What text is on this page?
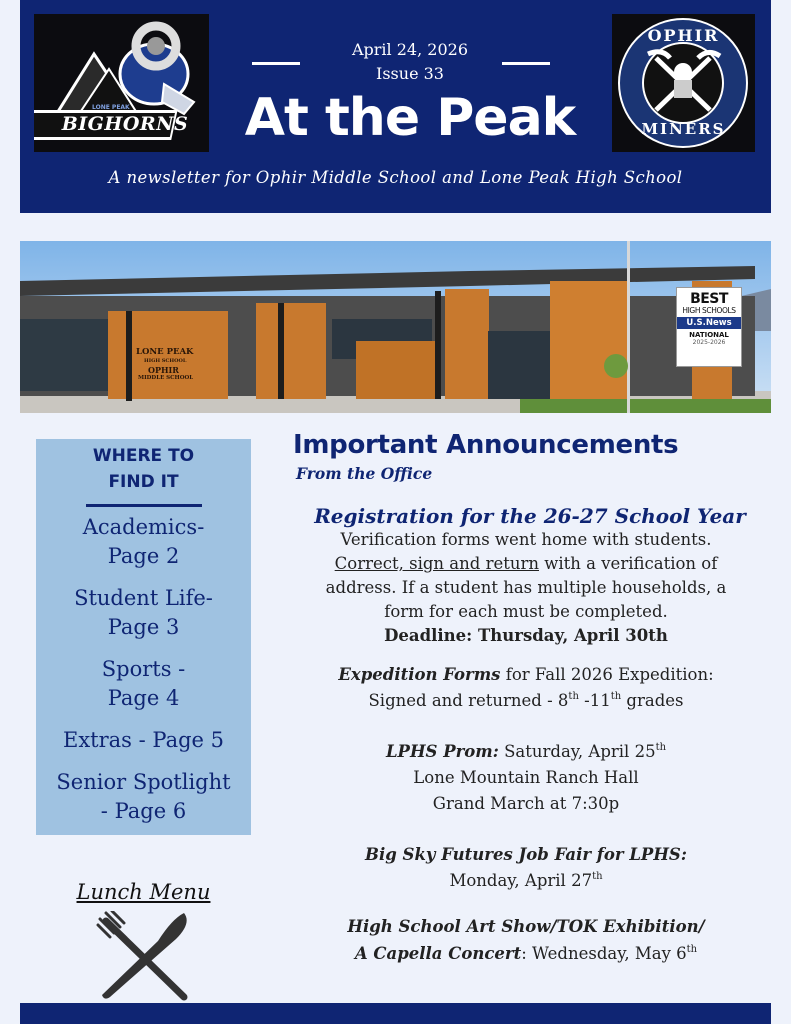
LONE PEAK
BIGHORNS
April 24, 2026
Issue 33
At the Peak
OPHIR
MINERS
A newsletter for Ophir Middle School and Lone Peak High School
LONE PEAK
HIGH SCHOOL
OPHIR
MIDDLE SCHOOL
BEST
HIGH SCHOOLS
U.S.News
NATIONAL
2025-2026
WHERE TO
FIND IT
Academics-
Page 2
Student Life-
Page 3
Sports -
Page 4
Extras - Page 5
Senior Spotlight
- Page 6
Lunch Menu
Important Announcements
From the Office
Registration for the 26-27 School Year
Verification forms went home with students.
Correct, sign and return with a verification of
address. If a student has multiple households, a
form for each must be completed.
Deadline: Thursday, April 30th
Expedition Forms for Fall 2026 Expedition:
Signed and returned - 8th -11th grades
LPHS Prom: Saturday, April 25th
Lone Mountain Ranch Hall
Grand March at 7:30p
Big Sky Futures Job Fair for LPHS:
Monday, April 27th
High School Art Show/TOK Exhibition/
A Capella Concert: Wednesday, May 6th
